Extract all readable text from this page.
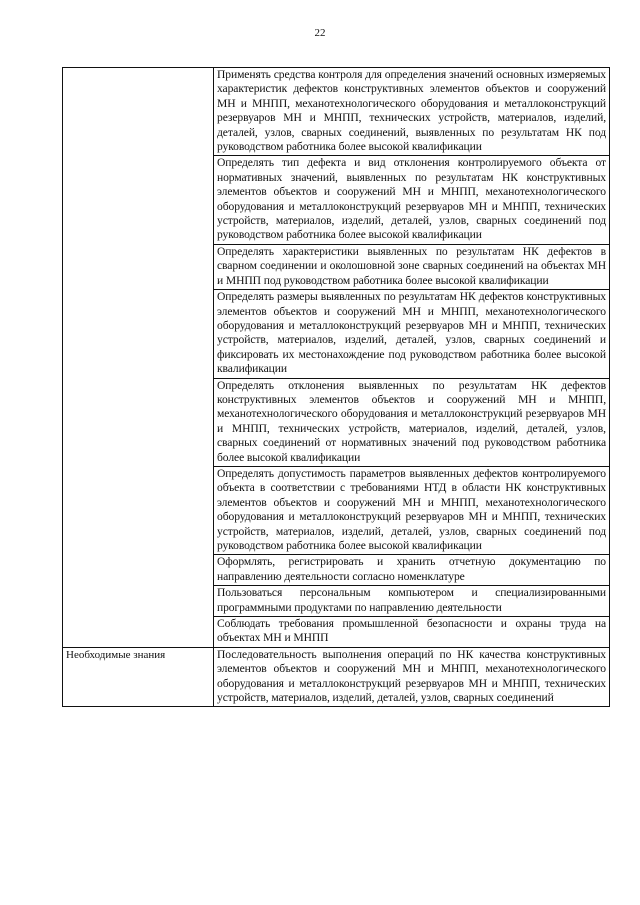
22
	Применять средства контроля для определения значений основных измеряемых характеристик дефектов конструктивных элементов объектов и сооружений МН и МНПП, механотехнологического оборудования и металлоконструкций резервуаров МН и МНПП, технических устройств, материалов, изделий, деталей, узлов, сварных соединений, выявленных по результатам НК под руководством работника более высокой квалификации
	Определять тип дефекта и вид отклонения контролируемого объекта от нормативных значений, выявленных по результатам НК конструктивных элементов объектов и сооружений МН и МНПП, механотехнологического оборудования и металлоконструкций резервуаров МН и МНПП, технических устройств, материалов, изделий, деталей, узлов, сварных соединений под руководством работника более высокой квалификации
	Определять характеристики выявленных по результатам НК дефектов в сварном соединении и околошовной зоне сварных соединений на объектах МН и МНПП под руководством работника более высокой квалификации
	Определять размеры выявленных по результатам НК дефектов конструктивных элементов объектов и сооружений МН и МНПП, механотехнологического оборудования и металлоконструкций резервуаров МН и МНПП, технических устройств, материалов, изделий, деталей, узлов, сварных соединений и фиксировать их местонахождение под руководством работника более высокой квалификации
	Определять отклонения выявленных по результатам НК дефектов конструктивных элементов объектов и сооружений МН и МНПП, механотехнологического оборудования и металлоконструкций резервуаров МН и МНПП, технических устройств, материалов, изделий, деталей, узлов, сварных соединений от нормативных значений под руководством работника более высокой квалификации
	Определять допустимость параметров выявленных дефектов контролируемого объекта в соответствии с требованиями НТД в области НК конструктивных элементов объектов и сооружений МН и МНПП, механотехнологического оборудования и металлоконструкций резервуаров МН и МНПП, технических устройств, материалов, изделий, деталей, узлов, сварных соединений под руководством работника более высокой квалификации
	Оформлять, регистрировать и хранить отчетную документацию по направлению деятельности согласно номенклатуре
	Пользоваться персональным компьютером и специализированными программными продуктами по направлению деятельности
	Соблюдать требования промышленной безопасности и охраны труда на объектах МН и МНПП
Необходимые знания	Последовательность выполнения операций по НК качества конструктивных элементов объектов и сооружений МН и МНПП, механотехнологического оборудования и металлоконструкций резервуаров МН и МНПП, технических устройств, материалов, изделий, деталей, узлов, сварных соединений
